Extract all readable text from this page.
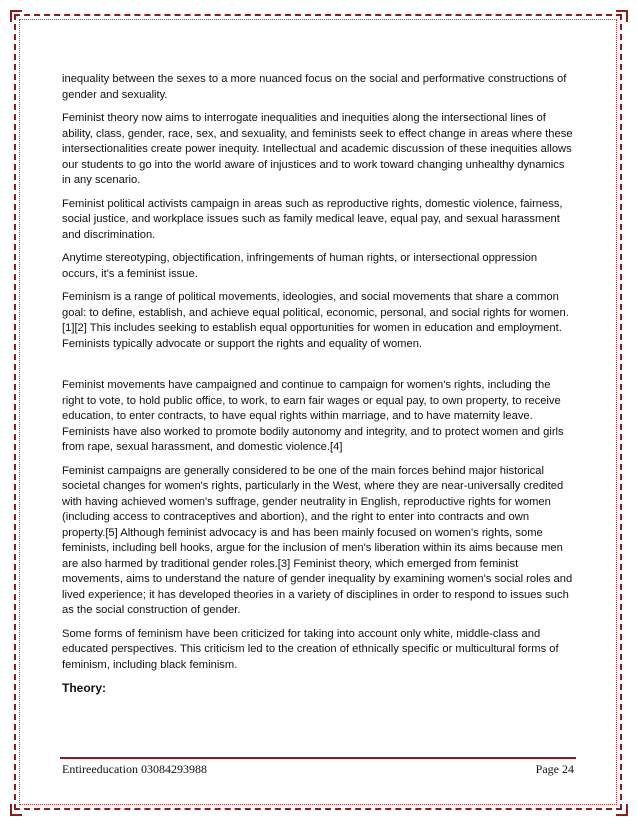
inequality between the sexes to a more nuanced focus on the social and performative constructions of gender and sexuality.

Feminist theory now aims to interrogate inequalities and inequities along the intersectional lines of ability, class, gender, race, sex, and sexuality, and feminists seek to effect change in areas where these intersectionalities create power inequity. Intellectual and academic discussion of these inequities allows our students to go into the world aware of injustices and to work toward changing unhealthy dynamics in any scenario.

Feminist political activists campaign in areas such as reproductive rights, domestic violence, fairness, social justice, and workplace issues such as family medical leave, equal pay, and sexual harassment and discrimination.

Anytime stereotyping, objectification, infringements of human rights, or intersectional oppression occurs, it's a feminist issue.

Feminism is a range of political movements, ideologies, and social movements that share a common goal: to define, establish, and achieve equal political, economic, personal, and social rights for women.[1][2] This includes seeking to establish equal opportunities for women in education and employment. Feminists typically advocate or support the rights and equality of women.

Feminist movements have campaigned and continue to campaign for women's rights, including the right to vote, to hold public office, to work, to earn fair wages or equal pay, to own property, to receive education, to enter contracts, to have equal rights within marriage, and to have maternity leave. Feminists have also worked to promote bodily autonomy and integrity, and to protect women and girls from rape, sexual harassment, and domestic violence.[4]

Feminist campaigns are generally considered to be one of the main forces behind major historical societal changes for women's rights, particularly in the West, where they are near-universally credited with having achieved women's suffrage, gender neutrality in English, reproductive rights for women (including access to contraceptives and abortion), and the right to enter into contracts and own property.[5] Although feminist advocacy is and has been mainly focused on women's rights, some feminists, including bell hooks, argue for the inclusion of men's liberation within its aims because men are also harmed by traditional gender roles.[3] Feminist theory, which emerged from feminist movements, aims to understand the nature of gender inequality by examining women's social roles and lived experience; it has developed theories in a variety of disciplines in order to respond to issues such as the social construction of gender.

Some forms of feminism have been criticized for taking into account only white, middle-class and educated perspectives. This criticism led to the creation of ethnically specific or multicultural forms of feminism, including black feminism.

Theory:
Entireeducation 03084293988	Page 24
